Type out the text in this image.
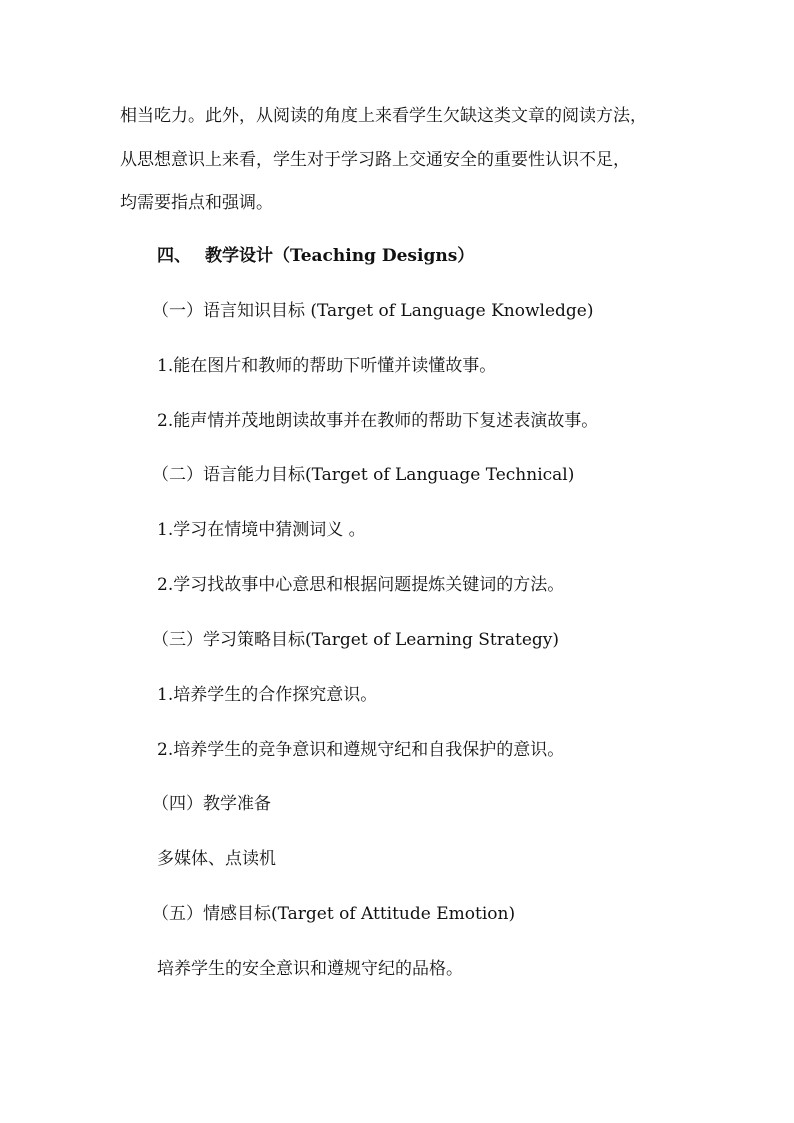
相当吃力。此外，从阅读的角度上来看学生欠缺这类文章的阅读方法，
从思想意识上来看，学生对于学习路上交通安全的重要性认识不足，
均需要指点和强调。
四、 教学设计（Teaching Designs）
（一）语言知识目标 (Target of Language Knowledge)
1.能在图片和教师的帮助下听懂并读懂故事。
2.能声情并茂地朗读故事并在教师的帮助下复述表演故事。
（二）语言能力目标(Target of Language Technical)
1.学习在情境中猜测词义 。
2.学习找故事中心意思和根据问题提炼关键词的方法。
（三）学习策略目标(Target of Learning Strategy)
1.培养学生的合作探究意识。
2.培养学生的竞争意识和遵规守纪和自我保护的意识。
（四）教学准备
多媒体、点读机
（五）情感目标(Target of Attitude Emotion)
培养学生的安全意识和遵规守纪的品格。
